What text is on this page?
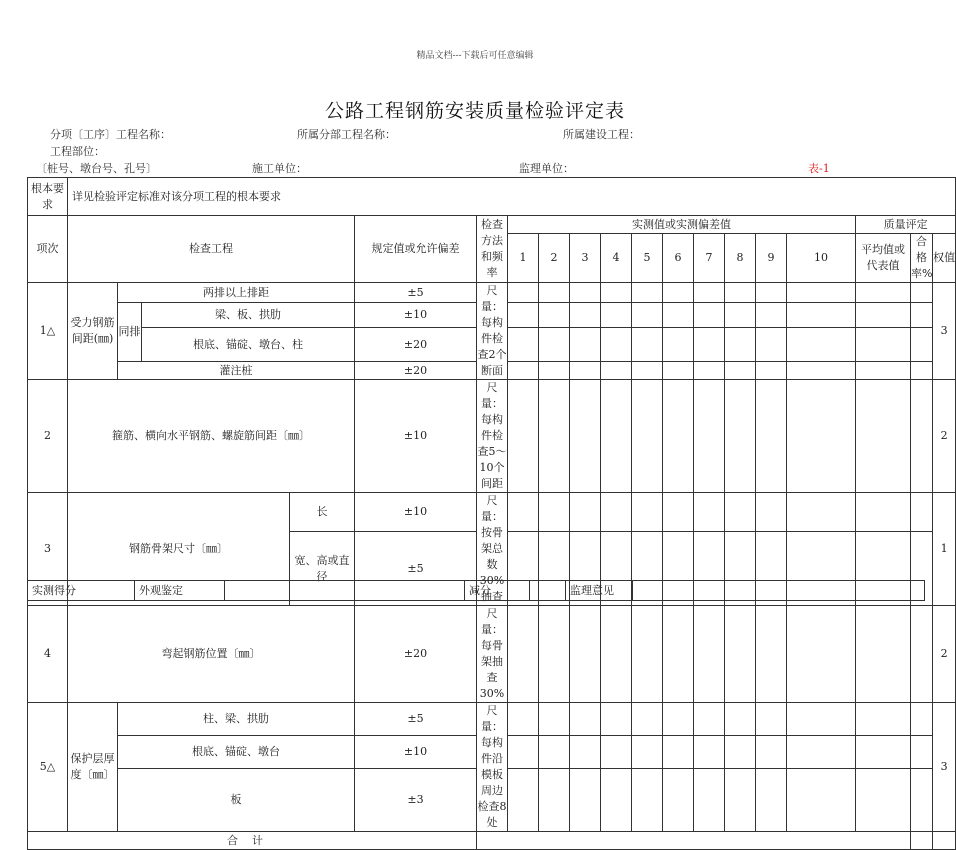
精品文档---下载后可任意编辑
公路工程钢筋安装质量检验评定表
分项〔工序〕工程名称：	所属分部工程名称：	所属建设工程：
工程部位：
〔桩号、墩台号、孔号〕	施工单位：	监理单位：	表-1
根本要求	详见检验评定标准对该分项工程的根本要求																			
项次	检查工程				规定值或允许偏差	检查方法和频率	实测值或实测偏差值										质量评定			
							1	2	3	4	5	6	7	8	9	10	平均值或代表值	合格率%	权值	
1△	受力钢筋间距(㎜)	两排以上排距			±5	尺量：每构件检查2个断面													3	
		同排	梁、板、拱肋		±10															
			根底、锚碇、墩台、柱		±20															
		灌注桩			±20															
2	箍筋、横向水平钢筋、螺旋筋间距〔㎜〕				±10	尺量：每构件检查5～10个间距													2	
3	钢筋骨架尺寸〔㎜〕			长	±10	尺量：按骨架总数30%抽查													1	
				宽、高或直径	±5															
4	弯起钢筋位置〔㎜〕				±20	尺量：每骨架抽查30%													2	
5△	保护层厚度〔㎜〕	柱、梁、拱肋			±5	尺量：每构件沿模板周边检查8处													3	
		根底、锚碇、墩台			±10															
		板			±3															
合计																				
实测得分	外观鉴定		减分		监理意见	
